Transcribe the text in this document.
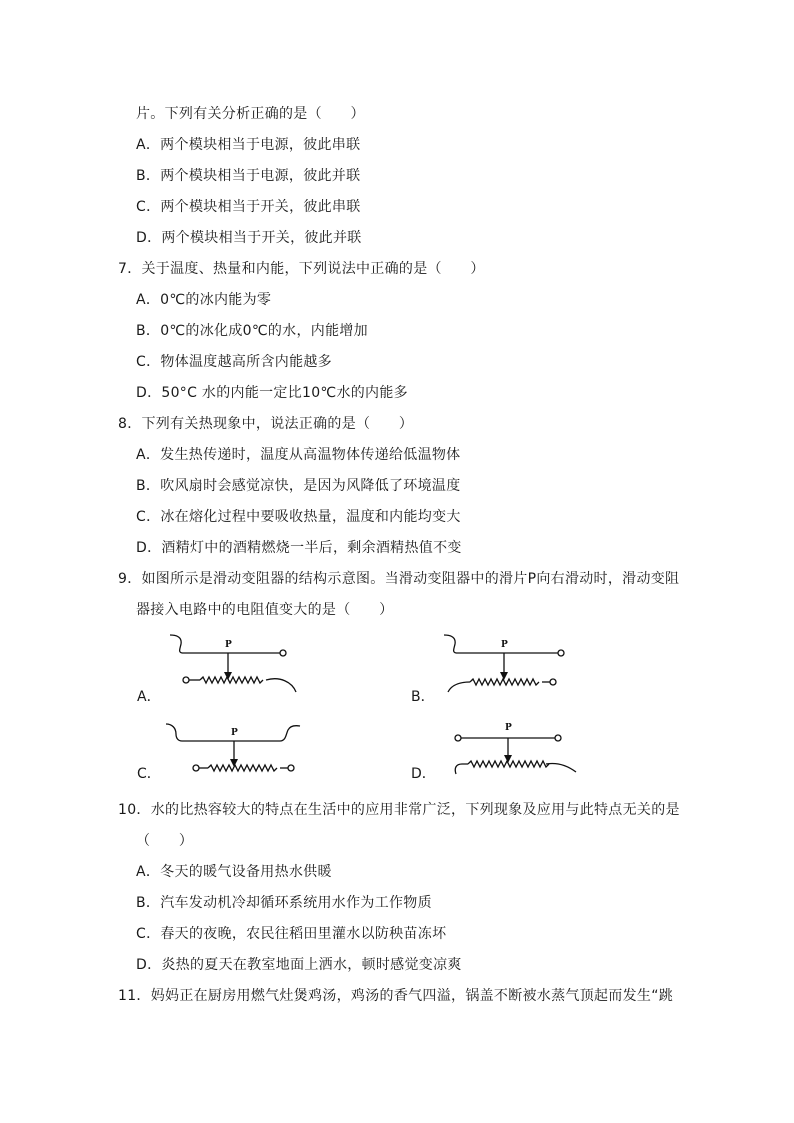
片。下列有关分析正确的是（　　）
A．两个模块相当于电源，彼此串联
B．两个模块相当于电源，彼此并联
C．两个模块相当于开关，彼此串联
D．两个模块相当于开关，彼此并联
7．关于温度、热量和内能，下列说法中正确的是（　　）
A．0℃的冰内能为零
B．0℃的冰化成0℃的水，内能增加
C．物体温度越高所含内能越多
D．50°C 水的内能一定比10℃水的内能多
8．下列有关热现象中，说法正确的是（　　）
A．发生热传递时，温度从高温物体传递给低温物体
B．吹风扇时会感觉凉快，是因为风降低了环境温度
C．冰在熔化过程中要吸收热量，温度和内能均变大
D．酒精灯中的酒精燃烧一半后，剩余酒精热值不变
9．如图所示是滑动变阻器的结构示意图。当滑动变阻器中的滑片P向右滑动时，滑动变阻
器接入电路中的电阻值变大的是（　　）
A．
P
B．
P
C．
P
D．
P
10．水的比热容较大的特点在生活中的应用非常广泛，下列现象及应用与此特点无关的是
（　　）
A．冬天的暖气设备用热水供暖
B．汽车发动机冷却循环系统用水作为工作物质
C．春天的夜晚，农民往稻田里灌水以防秧苗冻坏
D．炎热的夏天在教室地面上洒水，顿时感觉变凉爽
11．妈妈正在厨房用燃气灶煲鸡汤，鸡汤的香气四溢，锅盖不断被水蒸气顶起而发生“跳
